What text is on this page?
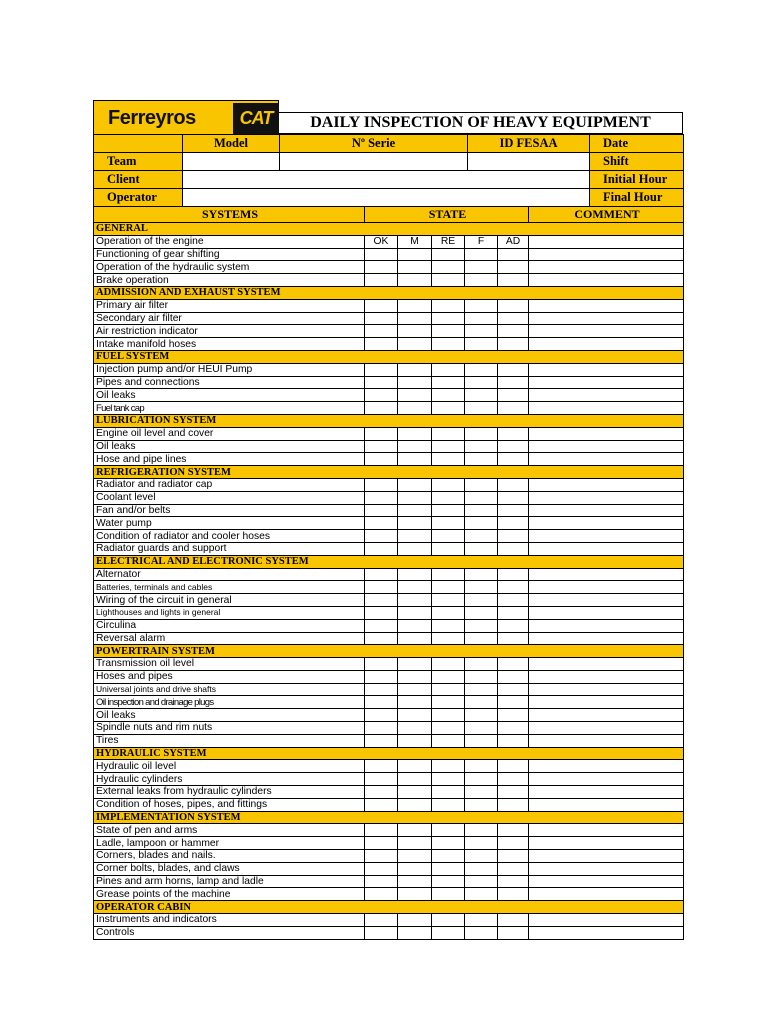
Ferreyros	CAT	DAILY INSPECTION OF HEAVY EQUIPMENT
	Model	Nº Serie	ID FESAA	Date
Team				Shift
Client				Initial Hour
Operator				Final Hour
SYSTEMS	STATE					COMMENT
GENERAL						
Operation of the engine	OK	M	RE	F	AD	
Functioning of gear shifting						
Operation of the hydraulic system						
Brake operation						
ADMISSION AND EXHAUST SYSTEM						
Primary air filter						
Secondary air filter						
Air restriction indicator						
Intake manifold hoses						
FUEL SYSTEM						
Injection pump and/or HEUI Pump						
Pipes and connections						
Oil leaks						
Fuel tank cap						
LUBRICATION SYSTEM						
Engine oil level and cover						
Oil leaks						
Hose and pipe lines						
REFRIGERATION SYSTEM						
Radiator and radiator cap						
Coolant level						
Fan and/or belts						
Water pump						
Condition of radiator and cooler hoses						
Radiator guards and support						
ELECTRICAL AND ELECTRONIC SYSTEM						
Alternator						
Batteries, terminals and cables						
Wiring of the circuit in general						
Lighthouses and lights in general						
Circulina						
Reversal alarm						
POWERTRAIN SYSTEM						
Transmission oil level						
Hoses and pipes						
Universal joints and drive shafts						
Oil inspection and drainage plugs						
Oil leaks						
Spindle nuts and rim nuts						
Tires						
HYDRAULIC SYSTEM						
Hydraulic oil level						
Hydraulic cylinders						
External leaks from hydraulic cylinders						
Condition of hoses, pipes, and fittings						
IMPLEMENTATION SYSTEM						
State of pen and arms						
Ladle, lampoon or hammer						
Corners, blades and nails.						
Corner bolts, blades, and claws						
Pines and arm horns, lamp and ladle						
Grease points of the machine						
OPERATOR CABIN						
Instruments and indicators						
Controls						
